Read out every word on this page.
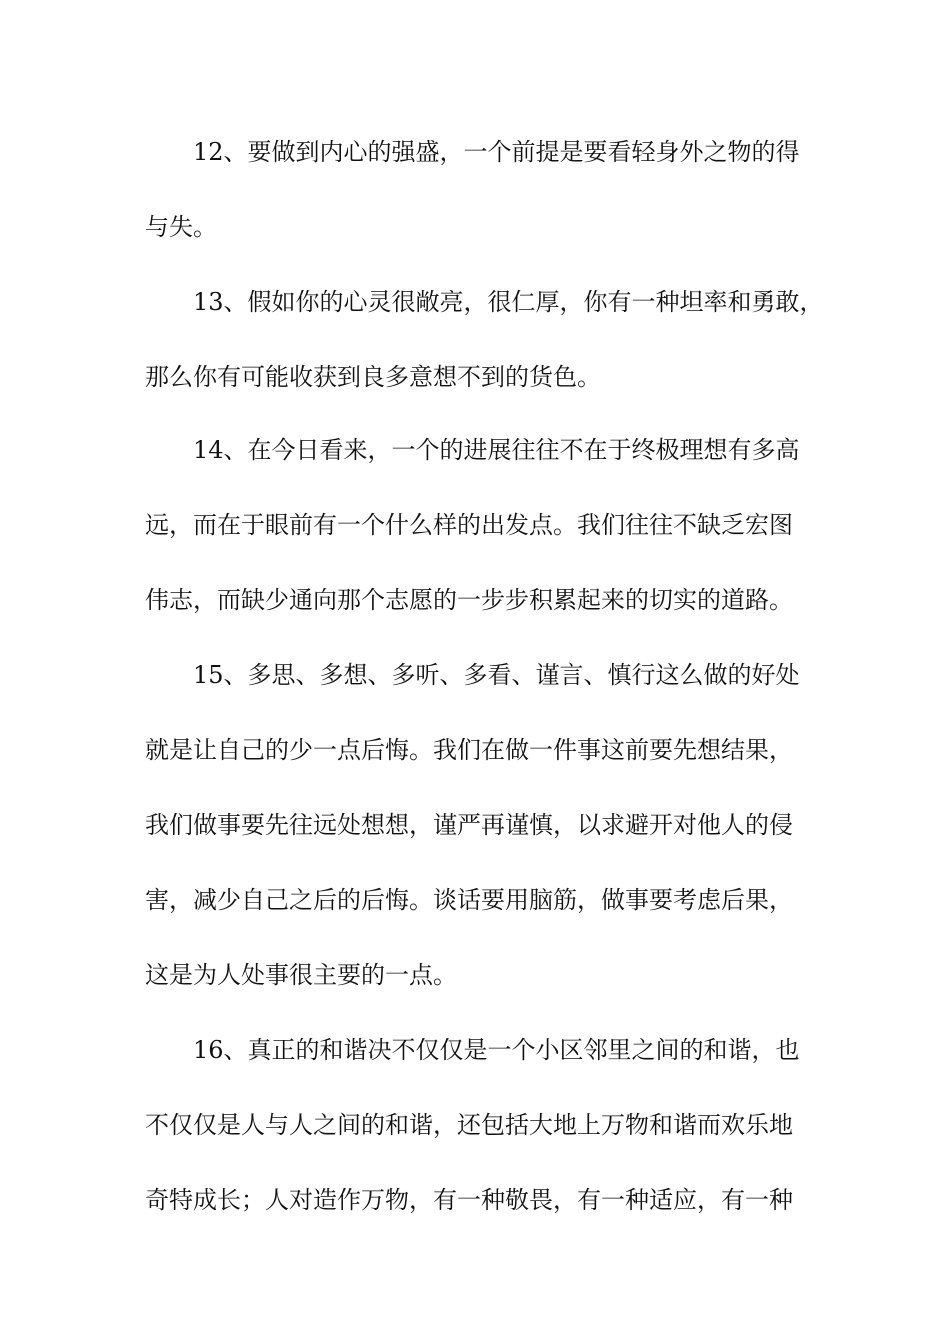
12、要做到内心的强盛，一个前提是要看轻身外之物的得
与失。
13、假如你的心灵很敞亮，很仁厚，你有一种坦率和勇敢，
那么你有可能收获到良多意想不到的货色。
14、在今日看来，一个的进展往往不在于终极理想有多高
远，而在于眼前有一个什么样的出发点。我们往往不缺乏宏图
伟志，而缺少通向那个志愿的一步步积累起来的切实的道路。
15、多思、多想、多听、多看、谨言、慎行这么做的好处
就是让自己的少一点后悔。我们在做一件事这前要先想结果，
我们做事要先往远处想想，谨严再谨慎，以求避开对他人的侵
害，减少自己之后的后悔。谈话要用脑筋，做事要考虑后果，
这是为人处事很主要的一点。
16、真正的和谐决不仅仅是一个小区邻里之间的和谐，也
不仅仅是人与人之间的和谐，还包括大地上万物和谐而欢乐地
奇特成长；人对造作万物，有一种敬畏，有一种适应，有一种
